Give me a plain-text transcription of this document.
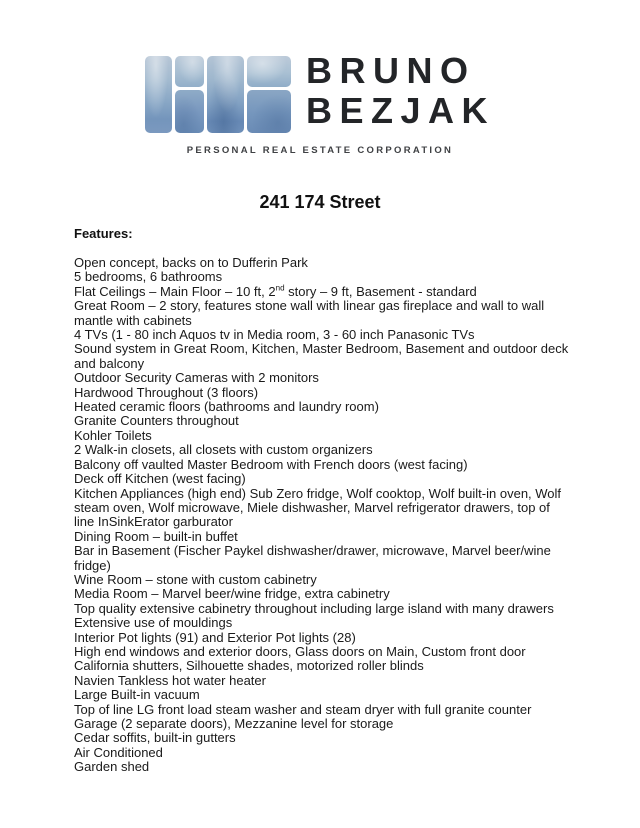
BRUNO
BEZJAK
PERSONAL REAL ESTATE CORPORATION
241 174 Street
Features:

Open concept, backs on to Dufferin Park

5 bedrooms, 6 bathrooms

Flat Ceilings – Main Floor – 10 ft, 2nd story – 9 ft, Basement - standard

Great Room – 2 story, features stone wall with linear gas fireplace and wall to wall mantle with cabinets

4 TVs (1 - 80 inch Aquos tv in Media room, 3 - 60 inch Panasonic TVs

Sound system in Great Room, Kitchen, Master Bedroom, Basement and outdoor deck and balcony

Outdoor Security Cameras with 2 monitors

Hardwood Throughout (3 floors)

Heated ceramic floors (bathrooms and laundry room)

Granite Counters throughout

Kohler Toilets

2 Walk-in closets, all closets with custom organizers

Balcony off vaulted Master Bedroom with French doors (west facing)

Deck off Kitchen (west facing)

Kitchen Appliances (high end) Sub Zero fridge, Wolf cooktop, Wolf built-in oven, Wolf steam oven, Wolf microwave, Miele dishwasher, Marvel refrigerator drawers, top of line InSinkErator garburator

Dining Room – built-in buffet

Bar in Basement (Fischer Paykel dishwasher/drawer, microwave, Marvel beer/wine fridge)

Wine Room – stone with custom cabinetry

Media Room – Marvel beer/wine fridge, extra cabinetry

Top quality extensive cabinetry throughout including large island with many drawers

Extensive use of mouldings

Interior Pot lights (91) and Exterior Pot lights (28)

High end windows and exterior doors, Glass doors on Main, Custom front door

California shutters, Silhouette shades, motorized roller blinds

Navien Tankless hot water heater

Large Built-in vacuum

Top of line LG front load steam washer and steam dryer with full granite counter

Garage (2 separate doors), Mezzanine level for storage

Cedar soffits, built-in gutters

Air Conditioned

Garden shed
